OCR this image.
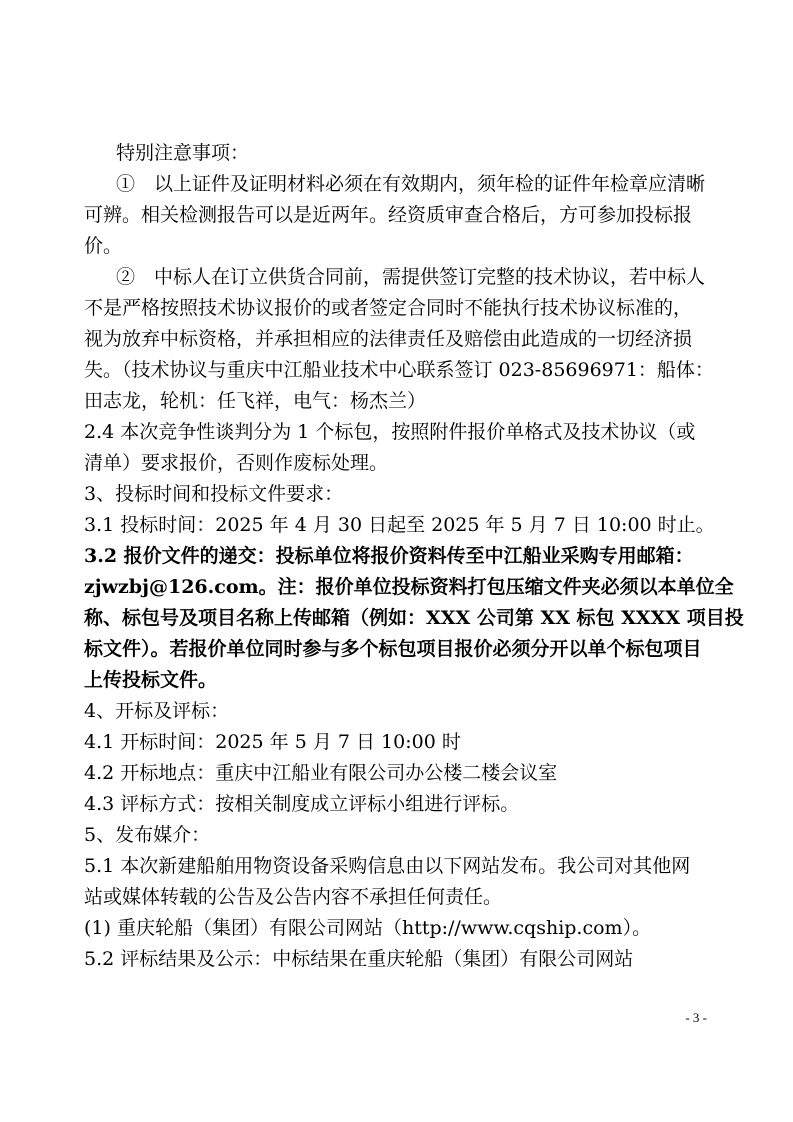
特别注意事项：
①　以上证件及证明材料必须在有效期内，须年检的证件年检章应清晰
可辨。相关检测报告可以是近两年。经资质审查合格后，方可参加投标报
价。
②　中标人在订立供货合同前，需提供签订完整的技术协议，若中标人
不是严格按照技术协议报价的或者签定合同时不能执行技术协议标准的，
视为放弃中标资格，并承担相应的法律责任及赔偿由此造成的一切经济损
失。（技术协议与重庆中江船业技术中心联系签订 023-85696971：船体：
田志龙，轮机：任飞祥，电气：杨杰兰）
2.4 本次竞争性谈判分为 1 个标包，按照附件报价单格式及技术协议（或
清单）要求报价，否则作废标处理。
3、投标时间和投标文件要求：
3.1 投标时间：2025 年 4 月 30 日起至 2025 年 5 月 7 日 10:00 时止。
3.2 报价文件的递交：投标单位将报价资料传至中江船业采购专用邮箱：
zjwzbj@126.com。注：报价单位投标资料打包压缩文件夹必须以本单位全
称、标包号及项目名称上传邮箱（例如：XXX 公司第 XX 标包 XXXX 项目投
标文件）。若报价单位同时参与多个标包项目报价必须分开以单个标包项目
上传投标文件。
4、开标及评标：
4.1 开标时间：2025 年 5 月 7 日 10:00 时
4.2 开标地点：重庆中江船业有限公司办公楼二楼会议室
4.3 评标方式：按相关制度成立评标小组进行评标。
5、发布媒介：
5.1 本次新建船舶用物资设备采购信息由以下网站发布。我公司对其他网
站或媒体转载的公告及公告内容不承担任何责任。
(1) 重庆轮船（集团）有限公司网站（http://www.cqship.com）。
5.2 评标结果及公示：中标结果在重庆轮船（集团）有限公司网站
- 3 -
